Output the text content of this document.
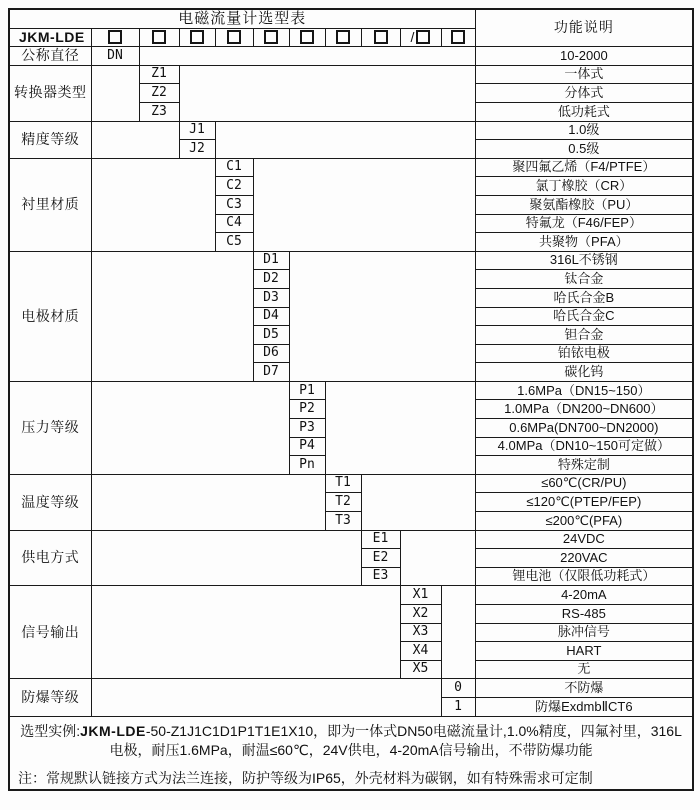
电磁流量计选型表											功能说明
JKM-LDE									/		
公称直径	DN										10-2000
转换器类型		Z1									一体式
		Z2									分体式
		Z3									低功耗式
精度等级			J1								1.0级
			J2								0.5级
衬里材质				C1							聚四氟乙烯（F4/PTFE）
				C2							氯丁橡胶（CR）
				C3							聚氨酯橡胶（PU）
				C4							特氟龙（F46/FEP）
				C5							共聚物（PFA）
电极材质					D1						316L不锈钢
					D2						钛合金
					D3						哈氏合金B
					D4						哈氏合金C
					D5						钽合金
					D6						铂铱电极
					D7						碳化钨
压力等级						P1					1.6MPa（DN15~150）
						P2					1.0MPa（DN200~DN600）
						P3					0.6MPa(DN700~DN2000)
						P4					4.0MPa（DN10~150可定做）
						Pn					特殊定制
温度等级							T1				≤60℃(CR/PU)
							T2				≤120℃(PTEP/FEP)
							T3				≤200℃(PFA)
供电方式								E1			24VDC
								E2			220VAC
								E3			锂电池（仅限低功耗式）
信号输出									X1		4-20mA
									X2		RS-485
									X3		脉冲信号
									X4		HART
									X5		无
防爆等级										0	不防爆
										1	防爆ExdmbⅡCT6

选型实例:JKM-LDE-50-Z1J1C1D1P1T1E1X10，即为一体式DN50电磁流量计,1.0%精度，四氟衬里，316L电极，耐压1.6MPa，耐温≤60℃，24V供电，4-20mA信号输出，不带防爆功能

注：常规默认链接方式为法兰连接，防护等级为IP65，外壳材料为碳钢，如有特殊需求可定制											
